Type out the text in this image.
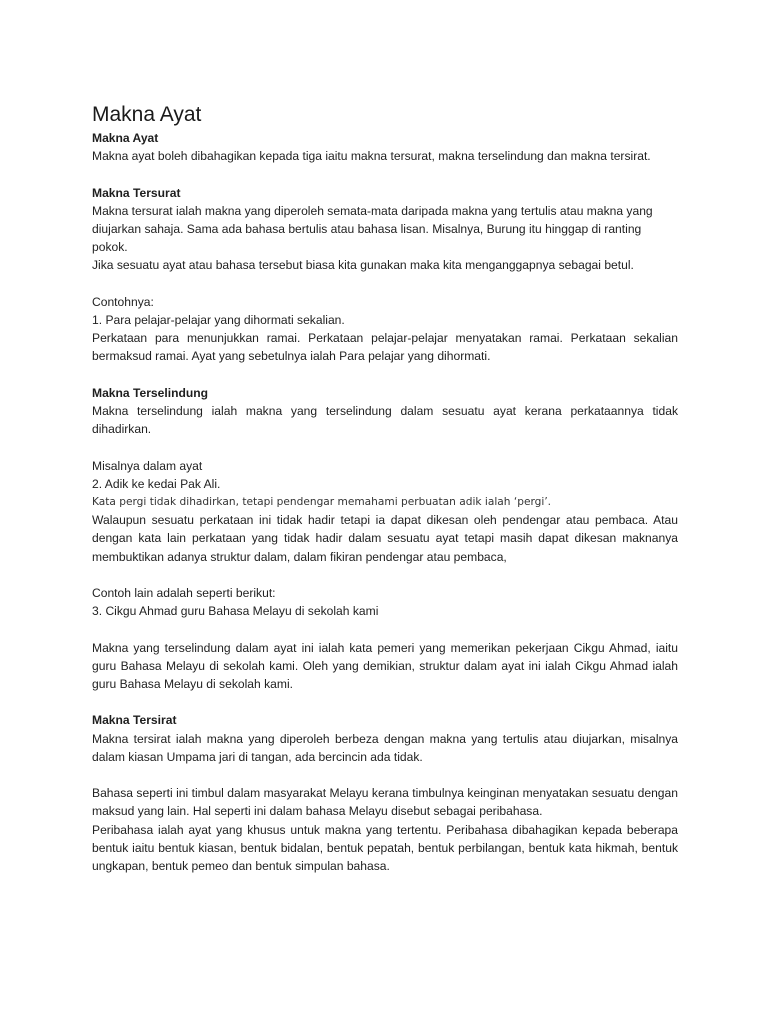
Makna Ayat

Makna Ayat

Makna ayat boleh dibahagikan kepada tiga iaitu makna tersurat, makna terselindung dan makna tersirat.

Makna Tersurat

Makna tersurat ialah makna yang diperoleh semata-mata daripada makna yang tertulis atau makna yang diujarkan sahaja. Sama ada bahasa bertulis atau bahasa lisan. Misalnya, Burung itu hinggap di ranting pokok.

Jika sesuatu ayat atau bahasa tersebut biasa kita gunakan maka kita menganggapnya sebagai betul.

Contohnya:

1. Para pelajar-pelajar yang dihormati sekalian.

Perkataan para menunjukkan ramai. Perkataan pelajar-pelajar menyatakan ramai. Perkataan sekalian bermaksud ramai. Ayat yang sebetulnya ialah Para pelajar yang dihormati.

Makna Terselindung

Makna terselindung ialah makna yang terselindung dalam sesuatu ayat kerana perkataannya tidak dihadirkan.

Misalnya dalam ayat

2. Adik ke kedai Pak Ali.

Kata pergi tidak dihadirkan, tetapi pendengar memahami perbuatan adik ialah ‘pergi’.

Walaupun sesuatu perkataan ini tidak hadir tetapi ia dapat dikesan oleh pendengar atau pembaca. Atau dengan kata lain perkataan yang tidak hadir dalam sesuatu ayat tetapi masih dapat dikesan maknanya membuktikan adanya struktur dalam, dalam fikiran pendengar atau pembaca,

Contoh lain adalah seperti berikut:

3. Cikgu Ahmad guru Bahasa Melayu di sekolah kami

Makna yang terselindung dalam ayat ini ialah kata pemeri yang memerikan pekerjaan Cikgu Ahmad, iaitu guru Bahasa Melayu di sekolah kami. Oleh yang demikian, struktur dalam ayat ini ialah Cikgu Ahmad ialah guru Bahasa Melayu di sekolah kami.

Makna Tersirat

Makna tersirat ialah makna yang diperoleh berbeza dengan makna yang tertulis atau diujarkan, misalnya dalam kiasan Umpama jari di tangan, ada bercincin ada tidak.

Bahasa seperti ini timbul dalam masyarakat Melayu kerana timbulnya keinginan menyatakan sesuatu dengan maksud yang lain. Hal seperti ini dalam bahasa Melayu disebut sebagai peribahasa.

Peribahasa ialah ayat yang khusus untuk makna yang tertentu. Peribahasa dibahagikan kepada beberapa bentuk iaitu bentuk kiasan, bentuk bidalan, bentuk pepatah, bentuk perbilangan, bentuk kata hikmah, bentuk ungkapan, bentuk pemeo dan bentuk simpulan bahasa.
